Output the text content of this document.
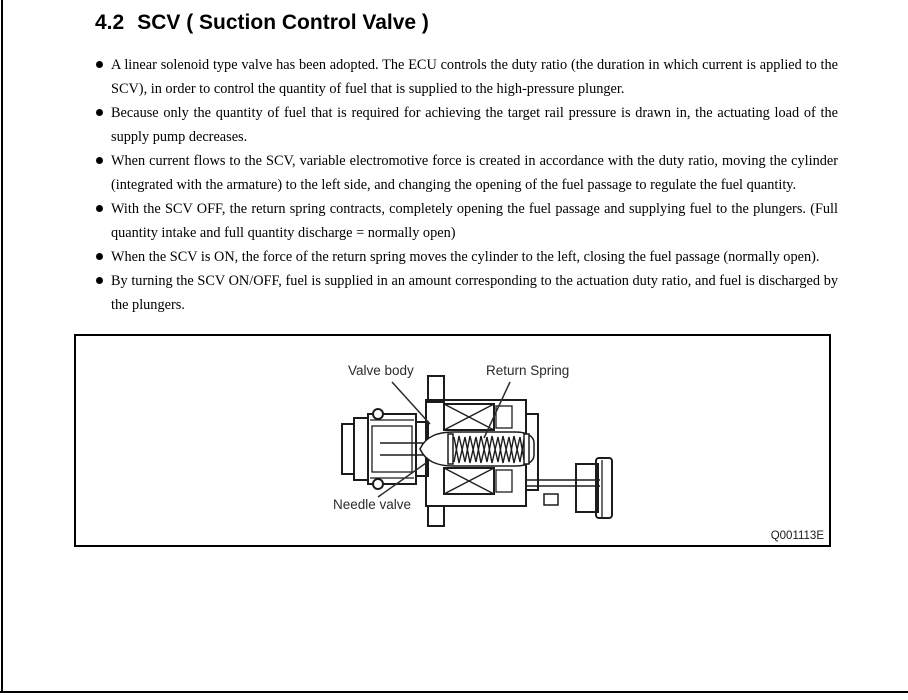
4.2 SCV ( Suction Control Valve )
A linear solenoid type valve has been adopted. The ECU controls the duty ratio (the duration in which current is applied to the SCV), in order to control the quantity of fuel that is supplied to the high-pressure plunger.
Because only the quantity of fuel that is required for achieving the target rail pressure is drawn in, the actuating load of the supply pump decreases.
When current flows to the SCV, variable electromotive force is created in accordance with the duty ratio, moving the cylinder (integrated with the armature) to the left side, and changing the opening of the fuel passage to regulate the fuel quantity.
With the SCV OFF, the return spring contracts, completely opening the fuel passage and supplying fuel to the plungers. (Full quantity intake and full quantity discharge = normally open)
When the SCV is ON, the force of the return spring moves the cylinder to the left, closing the fuel passage (normally open).
By turning the SCV ON/OFF, fuel is supplied in an amount corresponding to the actuation duty ratio, and fuel is discharged by the plungers.
Valve body	Return Spring
Needle valve
Q001113E
